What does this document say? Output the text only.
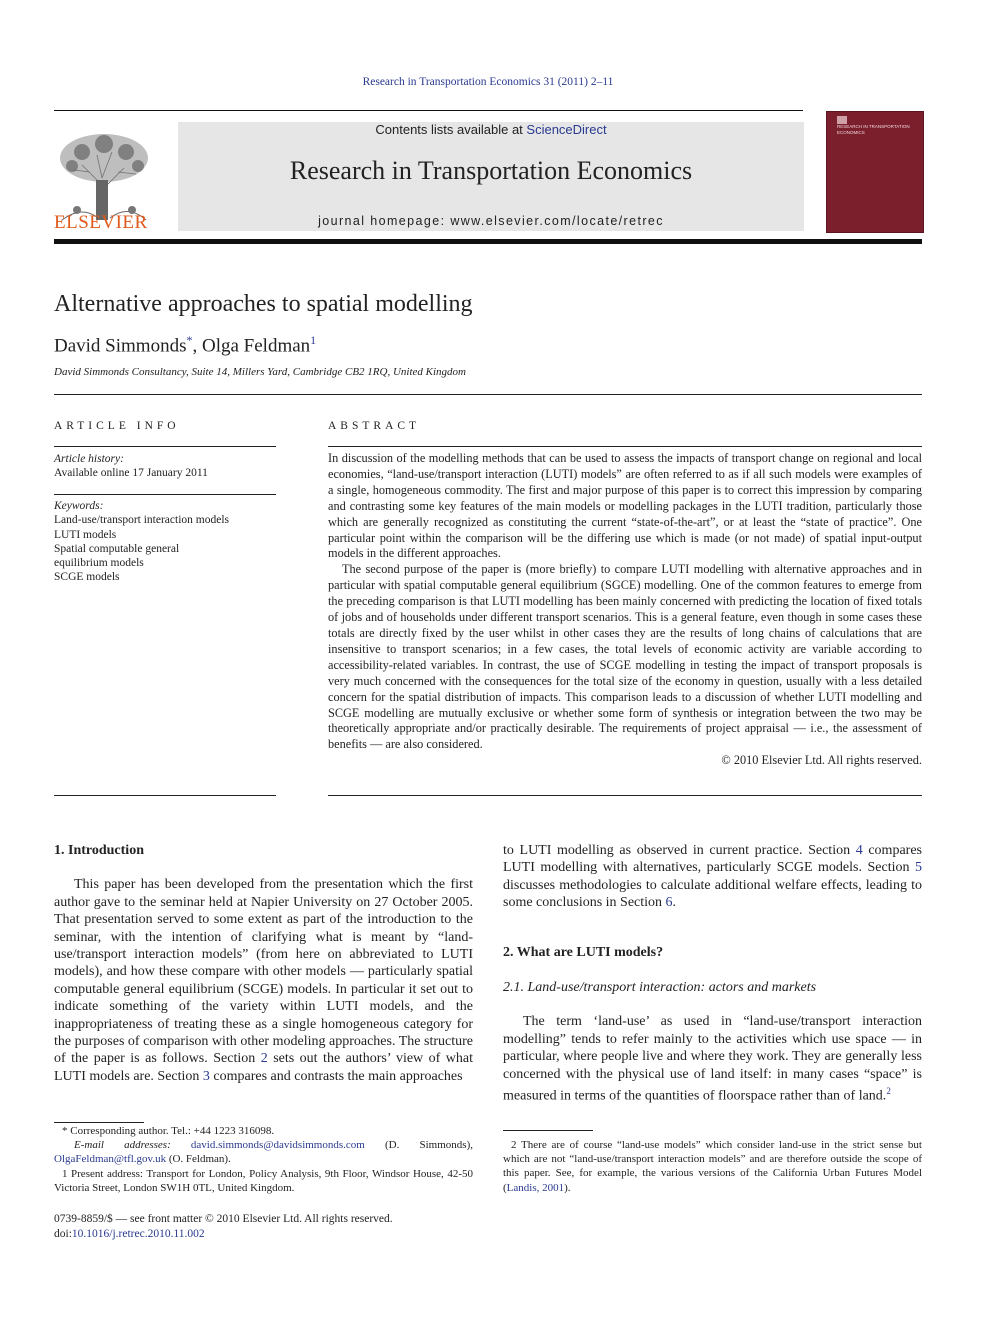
Research in Transportation Economics 31 (2011) 2–11
ELSEVIER
Contents lists available at ScienceDirect
Research in Transportation Economics
journal homepage: www.elsevier.com/locate/retrec
RESEARCH IN TRANSPORTATION ECONOMICS
Alternative approaches to spatial modelling
David Simmonds*, Olga Feldman$^1$
David Simmonds Consultancy, Suite 14, Millers Yard, Cambridge CB2 1RQ, United Kingdom
ARTICLE INFO	ABSTRACT
Article history:
Available online 17 January 2011
Keywords:
Land-use/transport interaction models
LUTI models
Spatial computable general
equilibrium models
SCGE models

In discussion of the modelling methods that can be used to assess the impacts of transport change on regional and local economies, “land-use/transport interaction (LUTI) models” are often referred to as if all such models were examples of a single, homogeneous commodity. The first and major purpose of this paper is to correct this impression by comparing and contrasting some key features of the main models or modelling packages in the LUTI tradition, particularly those which are generally recognized as constituting the current “state-of-the-art”, or at least the “state of practice”. One particular point within the comparison will be the differing use which is made (or not made) of spatial input-output models in the different approaches.

The second purpose of the paper is (more briefly) to compare LUTI modelling with alternative approaches and in particular with spatial computable general equilibrium (SGCE) modelling. One of the common features to emerge from the preceding comparison is that LUTI modelling has been mainly concerned with predicting the location of fixed totals of jobs and of households under different transport scenarios. This is a general feature, even though in some cases these totals are directly fixed by the user whilst in other cases they are the results of long chains of calculations that are insensitive to transport scenarios; in a few cases, the total levels of economic activity are variable according to accessibility-related variables. In contrast, the use of SCGE modelling in testing the impact of transport proposals is very much concerned with the consequences for the total size of the economy in question, usually with a less detailed concern for the spatial distribution of impacts. This comparison leads to a discussion of whether LUTI modelling and SCGE modelling are mutually exclusive or whether some form of synthesis or integration between the two may be theoretically appropriate and/or practically desirable. The requirements of project appraisal — i.e., the assessment of benefits — are also considered.

© 2010 Elsevier Ltd. All rights reserved.
1. Introduction

This paper has been developed from the presentation which the first author gave to the seminar held at Napier University on 27 October 2005. That presentation served to some extent as part of the introduction to the seminar, with the intention of clarifying what is meant by “land-use/transport interaction models” (from here on abbreviated to LUTI models), and how these compare with other models — particularly spatial computable general equilibrium (SCGE) models. In particular it set out to indicate something of the variety within LUTI models, and the inappropriateness of treating these as a single homogeneous category for the purposes of comparison with other modeling approaches. The structure of the paper is as follows. Section 2 sets out the authors’ view of what LUTI models are. Section 3 compares and contrasts the main approaches

to LUTI modelling as observed in current practice. Section 4 compares LUTI modelling with alternatives, particularly SCGE models. Section 5 discusses methodologies to calculate additional welfare effects, leading to some conclusions in Section 6.
2. What are LUTI models?
2.1. Land-use/transport interaction: actors and markets

The term ‘land-use’ as used in “land-use/transport interaction modelling” tends to refer mainly to the activities which use space — in particular, where people live and where they work. They are generally less concerned with the physical use of land itself: in many cases “space” is measured in terms of the quantities of floorspace rather than of land.$^2$

* Corresponding author. Tel.: +44 1223 316098.

E-mail addresses: david.simmonds@davidsimmonds.com (D. Simmonds), OlgaFeldman@tfl.gov.uk (O. Feldman).

1 Present address: Transport for London, Policy Analysis, 9th Floor, Windsor House, 42-50 Victoria Street, London SW1H 0TL, United Kingdom.

2 There are of course “land-use models” which consider land-use in the strict sense but which are not “land-use/transport interaction models” and are therefore outside the scope of this paper. See, for example, the various versions of the California Urban Futures Model (Landis, 2001).

0739-8859/$ — see front matter © 2010 Elsevier Ltd. All rights reserved.
doi:10.1016/j.retrec.2010.11.002
